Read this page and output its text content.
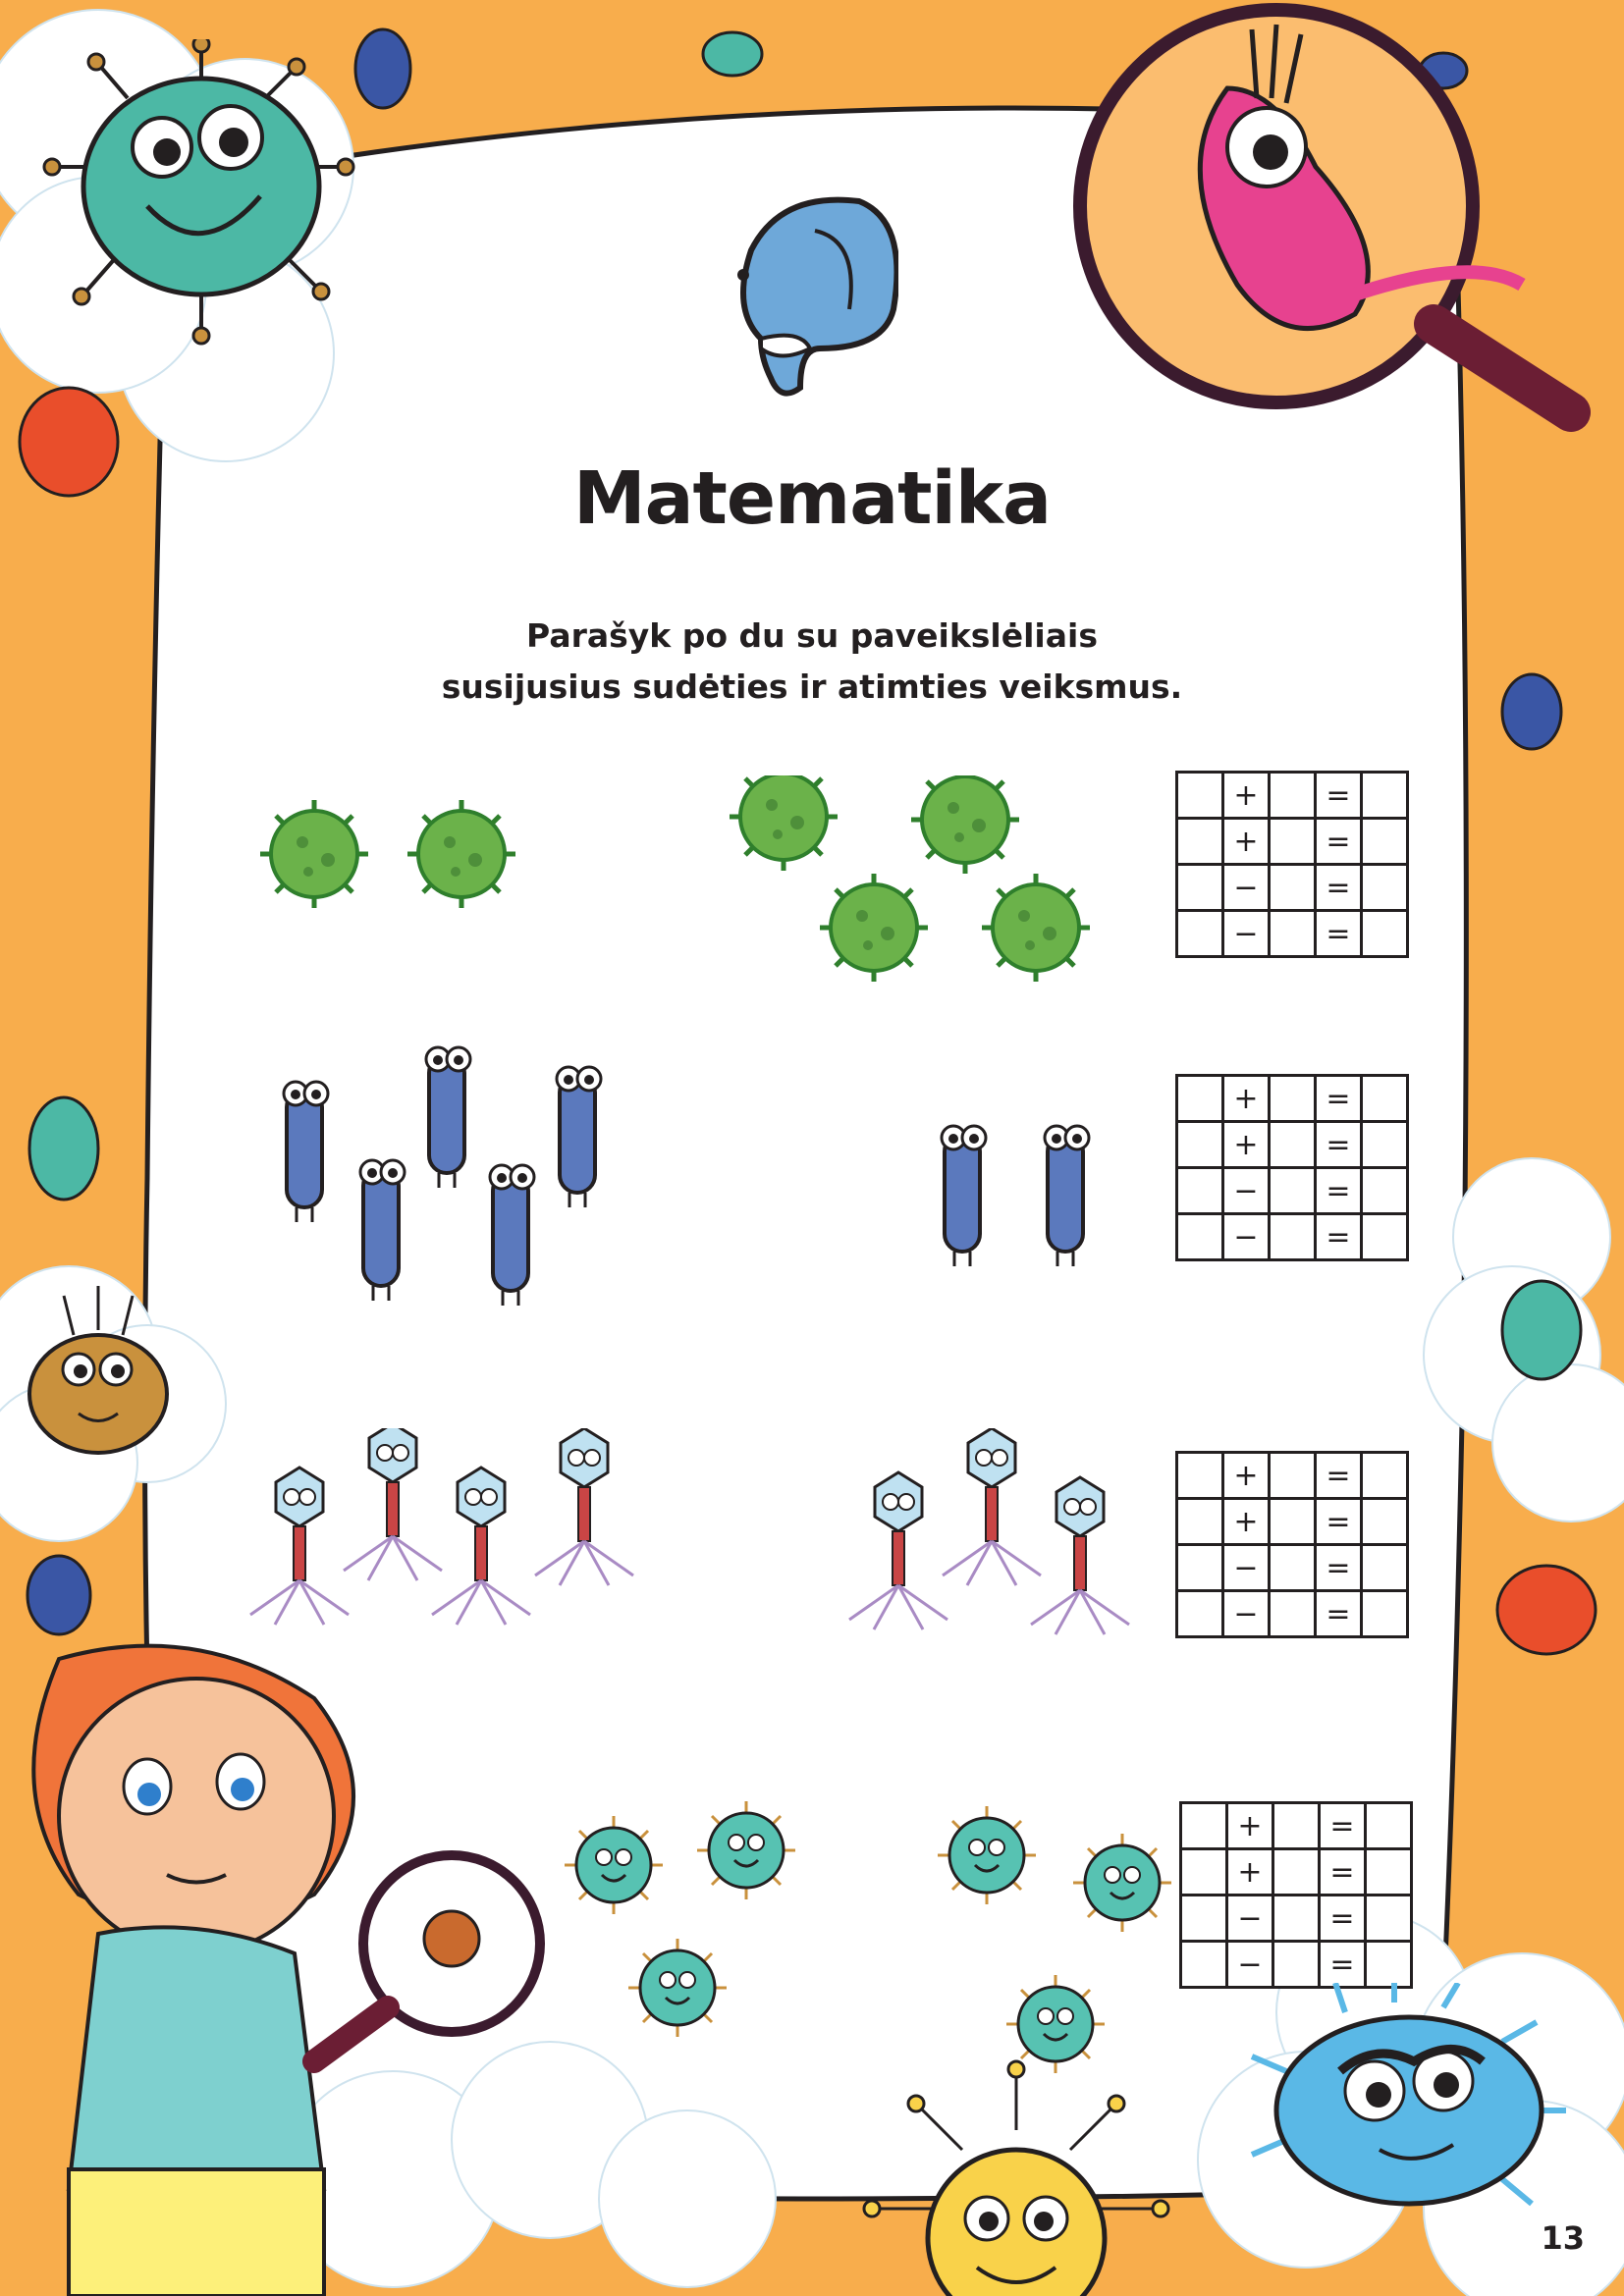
Matematika
Parašyk po du su paveikslėliais
susijusius sudėties ir atimties veiksmus.
	+		=	
	+		=	
	−		=	
	−		=	
	+		=	
	+		=	
	−		=	
	−		=	
	+		=	
	+		=	
	−		=	
	−		=	
	+		=	
	+		=	
	−		=	
	−		=	
13
